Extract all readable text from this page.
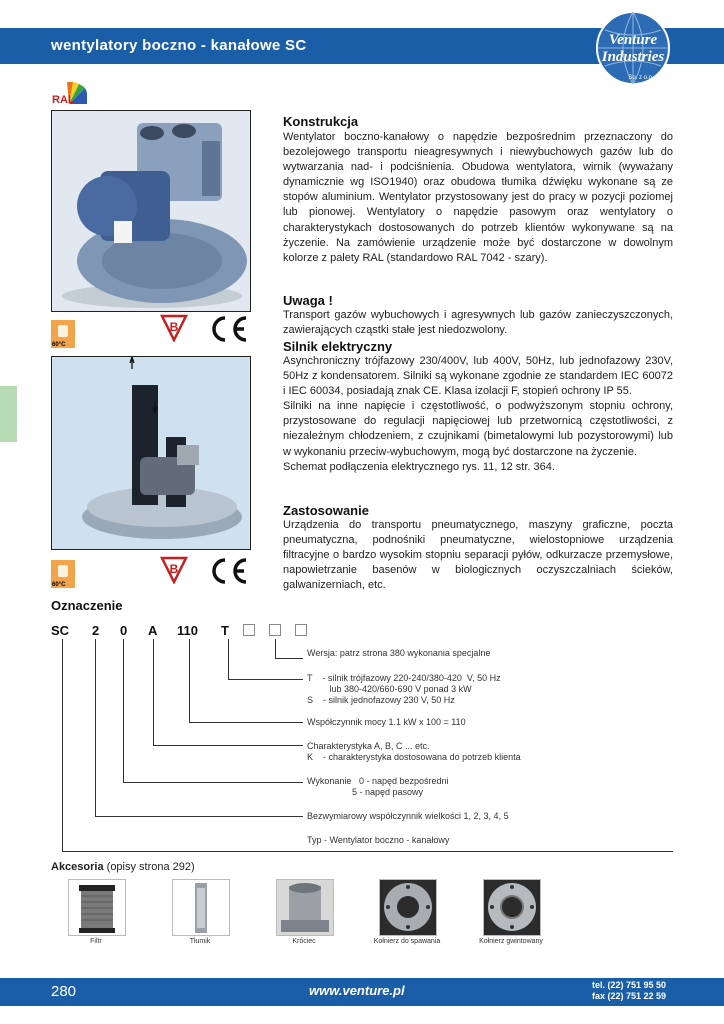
wentylatory boczno - kanałowe SC	Venture
Industries
Sp. z o.o.
RAL
60°C
B
60°C
B
Konstrukcja

Wentylator boczno-kanałowy o napędzie bezpośrednim przeznaczony do bezolejowego transportu nieagresywnych i niewybuchowych gazów lub do wytwarzania nad- i podciśnienia. Obudowa wentylatora, wirnik (wyważany dynamicznie wg ISO1940) oraz obudowa tłumika dźwięku wykonane są ze stopów aluminium. Wentylator przystosowany jest do pracy w pozycji poziomej lub pionowej. Wentylatory o napędzie pasowym oraz wentylatory o charakterystykach dostosowanych do potrzeb klientów wykonywane są na życzenie. Na zamówienie urządzenie może być dostarczone w dowolnym kolorze z palety RAL (standardowo RAL 7042 - szary).

Uwaga !

Transport gazów wybuchowych i agresywnych lub gazów zanieczyszczonych, zawierających cząstki stałe jest niedozwolony.

Silnik elektryczny

Asynchroniczny trójfazowy 230/400V, lub 400V, 50Hz, lub jednofazowy 230V, 50Hz z kondensatorem. Silniki są wykonane zgodnie ze standardem IEC 60072 i IEC 60034, posiadają znak CE. Klasa izolacji F, stopień ochrony IP 55.

Silniki na inne napięcie i częstotliwość, o podwyższonym stopniu ochrony, przystosowane do regulacji napięciowej lub przetwornicą częstotliwości, z niezależnym chłodzeniem, z czujnikami (bimetalowymi lub pozystorowymi) lub w wykonaniu przeciw-wybuchowym, mogą być dostarczone na życzenie.

Schemat podłączenia elektrycznego rys. 11, 12 str. 364.

Zastosowanie

Urządzenia do transportu pneumatycznego, maszyny graficzne, poczta pneumatyczna, podnośniki pneumatyczne, wielostopniowe urządzenia filtracyjne o bardzo wysokim stopniu separacji pyłów, odkurzacze przemysłowe, napowietrzanie basenów w biologicznych oczyszczalniach ścieków, galwanizerniach, etc.

Oznaczenie
SC 2 0 A 110 T
Wersja: patrz strona 380 wykonania specjalne
T    - silnik trójfazowy 220-240/380-420  V, 50 Hz
lub 380-420/660-690 V ponad 3 kW
S    - silnik jednofazowy 230 V, 50 Hz
Współczynnik mocy 1.1 kW x 100 = 110
Charakterystyka A, B, C ... etc.
K    - charakterystyka dostosowana do potrzeb klienta
Wykonanie   0 - napęd bezpośredni
5 - napęd pasowy
Bezwymiarowy współczynnik wielkości 1, 2, 3, 4, 5
Typ - Wentylator boczno - kanałowy
Akcesoria (opisy strona 292)
Filtr	Tłumik	Króciec	Kołnierz do spawania	Kołnierz gwintowany
280	www.venture.pl	tel. (22) 751 95 50
fax (22) 751 22 59
